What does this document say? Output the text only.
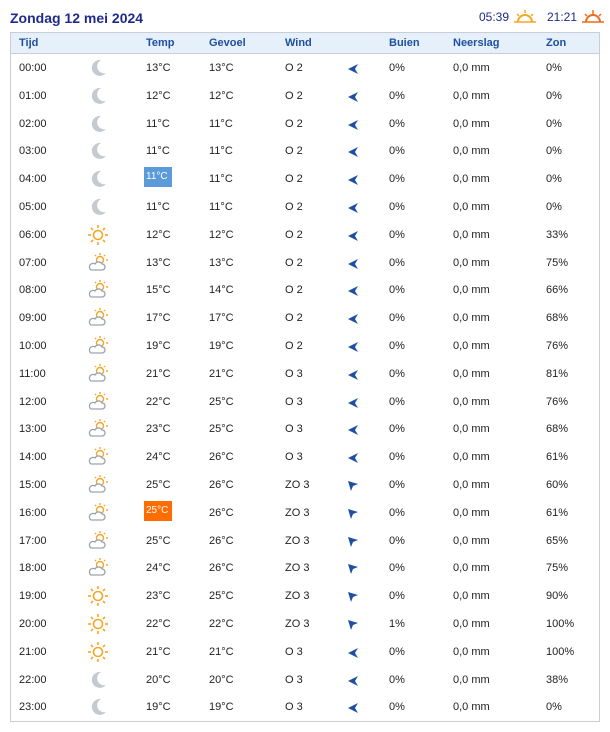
Zondag 12 mei 2024	05:39	21:21
Tijd	Temp	Gevoel	Wind	Buien	Neerslag	Zon
00:00	13°C	13°C	O 2	0%	0,0 mm	0%
01:00	12°C	12°C	O 2	0%	0,0 mm	0%
02:00	11°C	11°C	O 2	0%	0,0 mm	0%
03:00	11°C	11°C	O 2	0%	0,0 mm	0%
04:00	11°C	11°C	O 2	0%	0,0 mm	0%
05:00	11°C	11°C	O 2	0%	0,0 mm	0%
06:00	12°C	12°C	O 2	0%	0,0 mm	33%
07:00	13°C	13°C	O 2	0%	0,0 mm	75%
08:00	15°C	14°C	O 2	0%	0,0 mm	66%
09:00	17°C	17°C	O 2	0%	0,0 mm	68%
10:00	19°C	19°C	O 2	0%	0,0 mm	76%
11:00	21°C	21°C	O 3	0%	0,0 mm	81%
12:00	22°C	25°C	O 3	0%	0,0 mm	76%
13:00	23°C	25°C	O 3	0%	0,0 mm	68%
14:00	24°C	26°C	O 3	0%	0,0 mm	61%
15:00	25°C	26°C	ZO 3	0%	0,0 mm	60%
16:00	25°C	26°C	ZO 3	0%	0,0 mm	61%
17:00	25°C	26°C	ZO 3	0%	0,0 mm	65%
18:00	24°C	26°C	ZO 3	0%	0,0 mm	75%
19:00	23°C	25°C	ZO 3	0%	0,0 mm	90%
20:00	22°C	22°C	ZO 3	1%	0,0 mm	100%
21:00	21°C	21°C	O 3	0%	0,0 mm	100%
22:00	20°C	20°C	O 3	0%	0,0 mm	38%
23:00	19°C	19°C	O 3	0%	0,0 mm	0%
